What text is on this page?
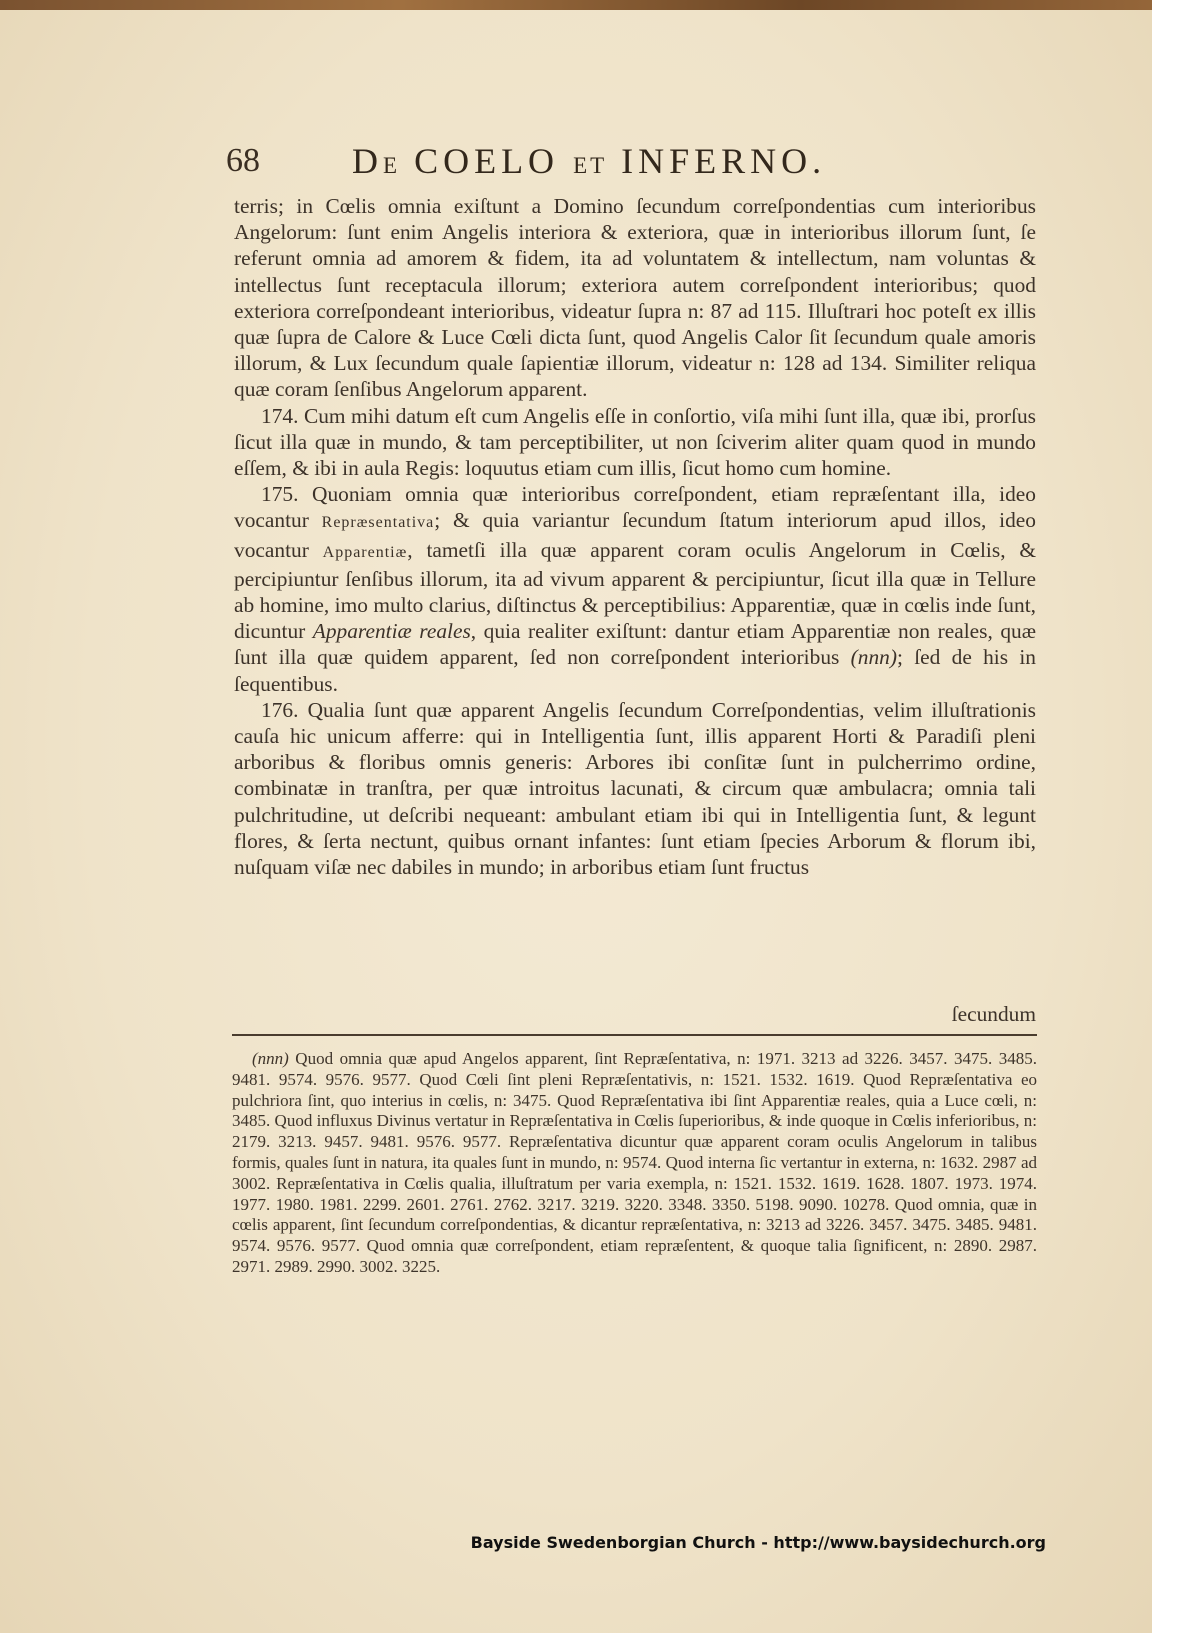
68	DE COELO ET INFERNO.

terris; in Cœlis omnia exiſtunt a Domino ſecundum correſpondentias cum interioribus Angelorum: ſunt enim Angelis interiora & exteriora, quæ in interioribus illorum ſunt, ſe referunt omnia ad amorem & fidem, ita ad voluntatem & intellectum, nam voluntas & intellectus ſunt receptacula illorum; exteriora autem correſpondent interioribus; quod exteriora correſpondeant interioribus, videatur ſupra n: 87 ad 115. Illuſtrari hoc poteſt ex illis quæ ſupra de Calore & Luce Cœli dicta ſunt, quod Angelis Calor ſit ſecundum quale amoris illorum, & Lux ſecundum quale ſapientiæ illorum, videatur n: 128 ad 134. Similiter reliqua quæ coram ſenſibus Angelorum apparent.

174. Cum mihi datum eſt cum Angelis eſſe in conſortio, viſa mihi ſunt illa, quæ ibi, prorſus ſicut illa quæ in mundo, & tam perceptibiliter, ut non ſciverim aliter quam quod in mundo eſſem, & ibi in aula Regis: loquutus etiam cum illis, ſicut homo cum homine.

175. Quoniam omnia quæ interioribus correſpondent, etiam repræſentant illa, ideo vocantur Repræsentativa; & quia variantur ſecundum ſtatum interiorum apud illos, ideo vocantur Apparentiæ, tametſi illa quæ apparent coram oculis Angelorum in Cœlis, & percipiuntur ſenſibus illorum, ita ad vivum apparent & percipiuntur, ſicut illa quæ in Tellure ab homine, imo multo clarius, diſtinctus & perceptibilius: Apparentiæ, quæ in cœlis inde ſunt, dicuntur Apparentiæ reales, quia realiter exiſtunt: dantur etiam Apparentiæ non reales, quæ ſunt illa quæ quidem apparent, ſed non correſpondent interioribus (nnn); ſed de his in ſequentibus.

176. Qualia ſunt quæ apparent Angelis ſecundum Correſpondentias, velim illuſtrationis cauſa hic unicum afferre: qui in Intelligentia ſunt, illis apparent Horti & Paradiſi pleni arboribus & floribus omnis generis: Arbores ibi conſitæ ſunt in pulcherrimo ordine, combinatæ in tranſtra, per quæ introitus lacunati, & circum quæ ambulacra; omnia tali pulchritudine, ut deſcribi nequeant: ambulant etiam ibi qui in Intelligentia ſunt, & legunt flores, & ſerta nectunt, quibus ornant infantes: ſunt etiam ſpecies Arborum & florum ibi, nuſquam viſæ nec dabiles in mundo; in arboribus etiam ſunt fructus

ſecundum

(nnn) Quod omnia quæ apud Angelos apparent, ſint Repræſentativa, n: 1971. 3213 ad 3226. 3457. 3475. 3485. 9481. 9574. 9576. 9577. Quod Cœli ſint pleni Repræſentativis, n: 1521. 1532. 1619. Quod Repræſentativa eo pulchriora ſint, quo interius in cœlis, n: 3475. Quod Repræſentativa ibi ſint Apparentiæ reales, quia a Luce cœli, n: 3485. Quod influxus Divinus vertatur in Repræſentativa in Cœlis ſuperioribus, & inde quoque in Cœlis inferioribus, n: 2179. 3213. 9457. 9481. 9576. 9577. Repræſentativa dicuntur quæ apparent coram oculis Angelorum in talibus formis, quales ſunt in natura, ita quales ſunt in mundo, n: 9574. Quod interna ſic vertantur in externa, n: 1632. 2987 ad 3002. Repræſentativa in Cœlis qualia, illuſtratum per varia exempla, n: 1521. 1532. 1619. 1628. 1807. 1973. 1974. 1977. 1980. 1981. 2299. 2601. 2761. 2762. 3217. 3219. 3220. 3348. 3350. 5198. 9090. 10278. Quod omnia, quæ in cœlis apparent, ſint ſecundum correſpondentias, & dicantur repræſentativa, n: 3213 ad 3226. 3457. 3475. 3485. 9481. 9574. 9576. 9577. Quod omnia quæ correſpondent, etiam repræſentent, & quoque talia ſignificent, n: 2890. 2987. 2971. 2989. 2990. 3002. 3225.

Bayside Swedenborgian Church - http://www.baysidechurch.org
